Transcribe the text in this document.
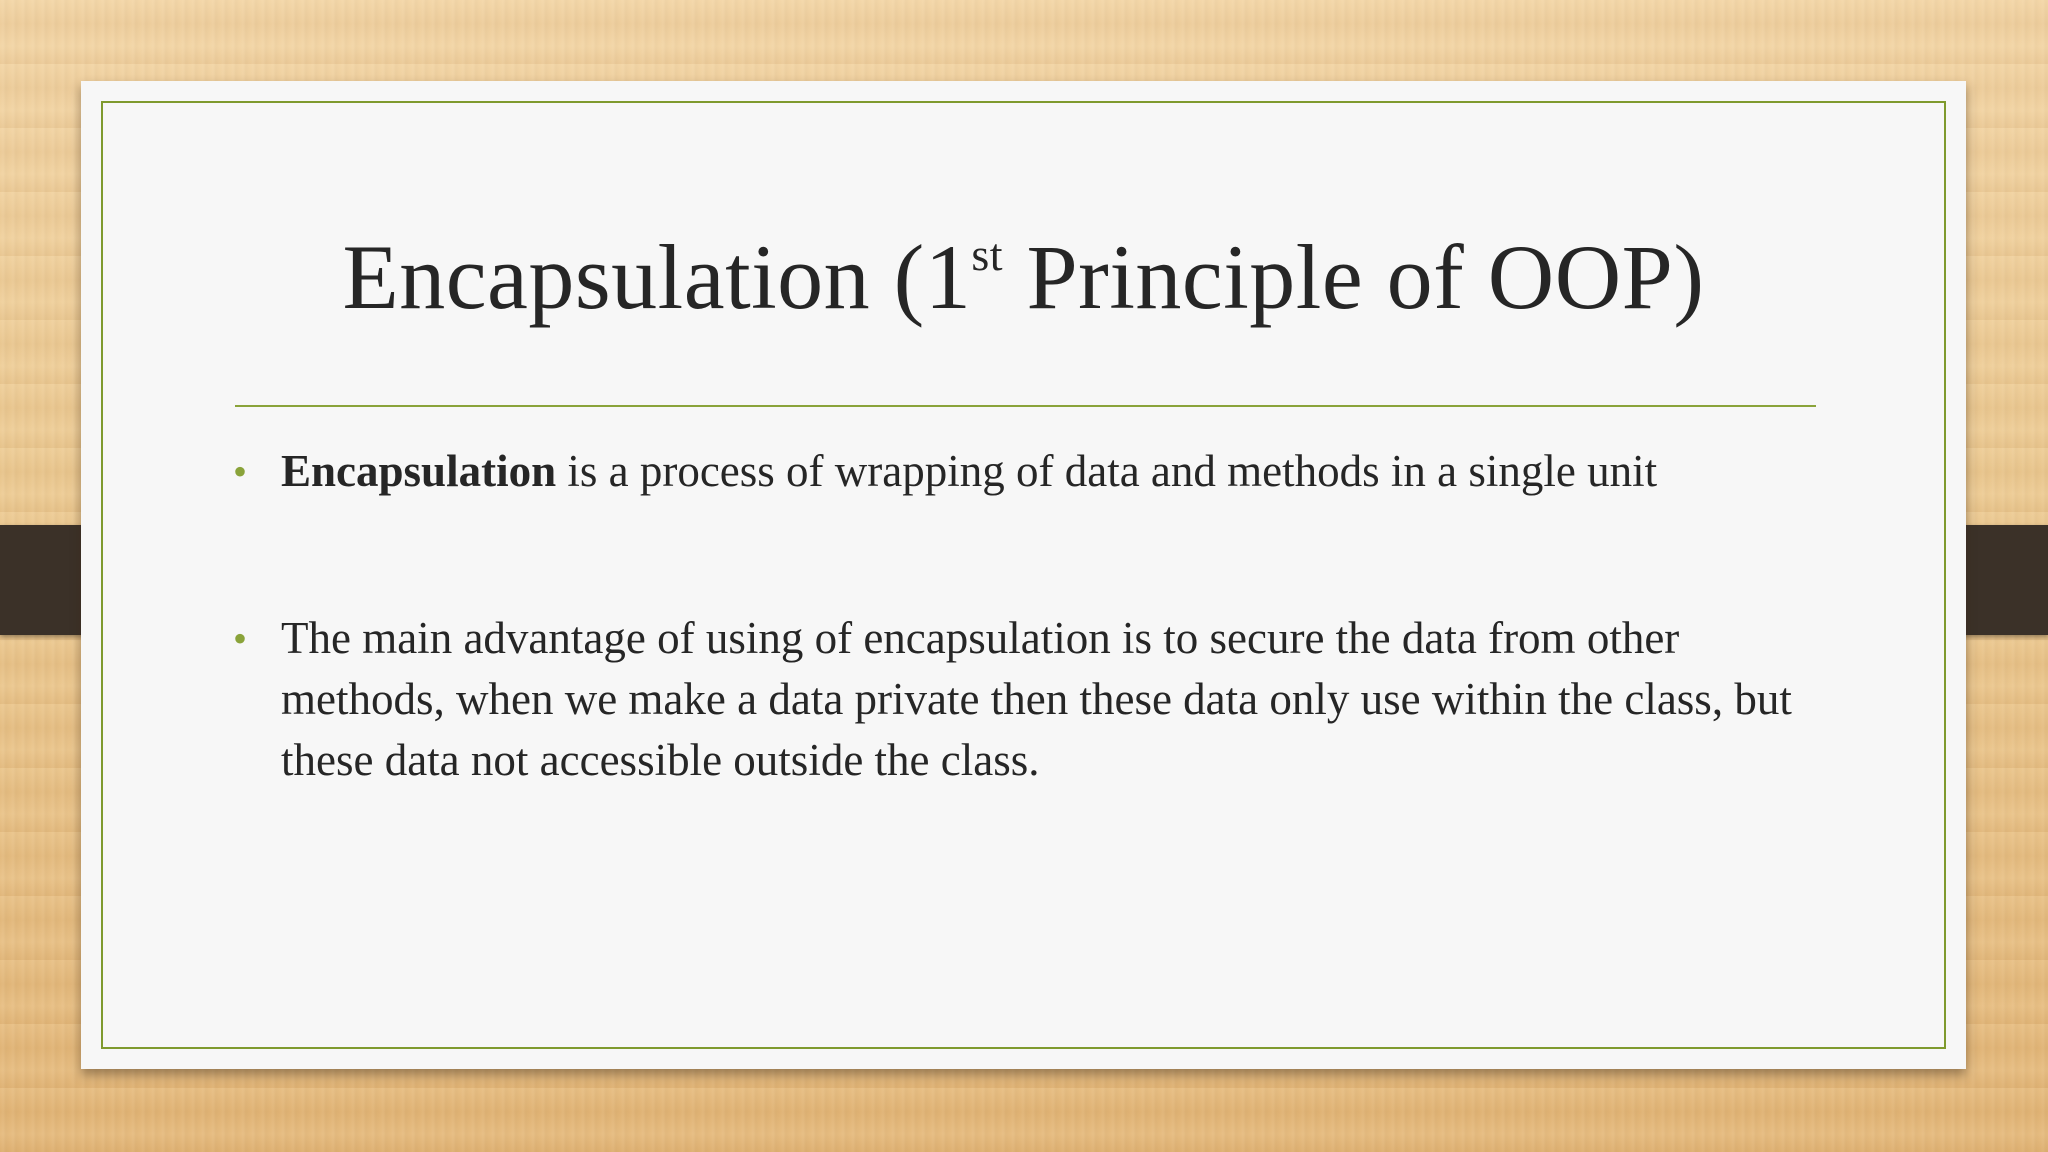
Encapsulation (1st Principle of OOP)
• Encapsulation is a process of wrapping of data and methods in a single unit
• The main advantage of using of encapsulation is to secure the data from other methods, when we make a data private then these data only use within the class, but these data not accessible outside the class.
